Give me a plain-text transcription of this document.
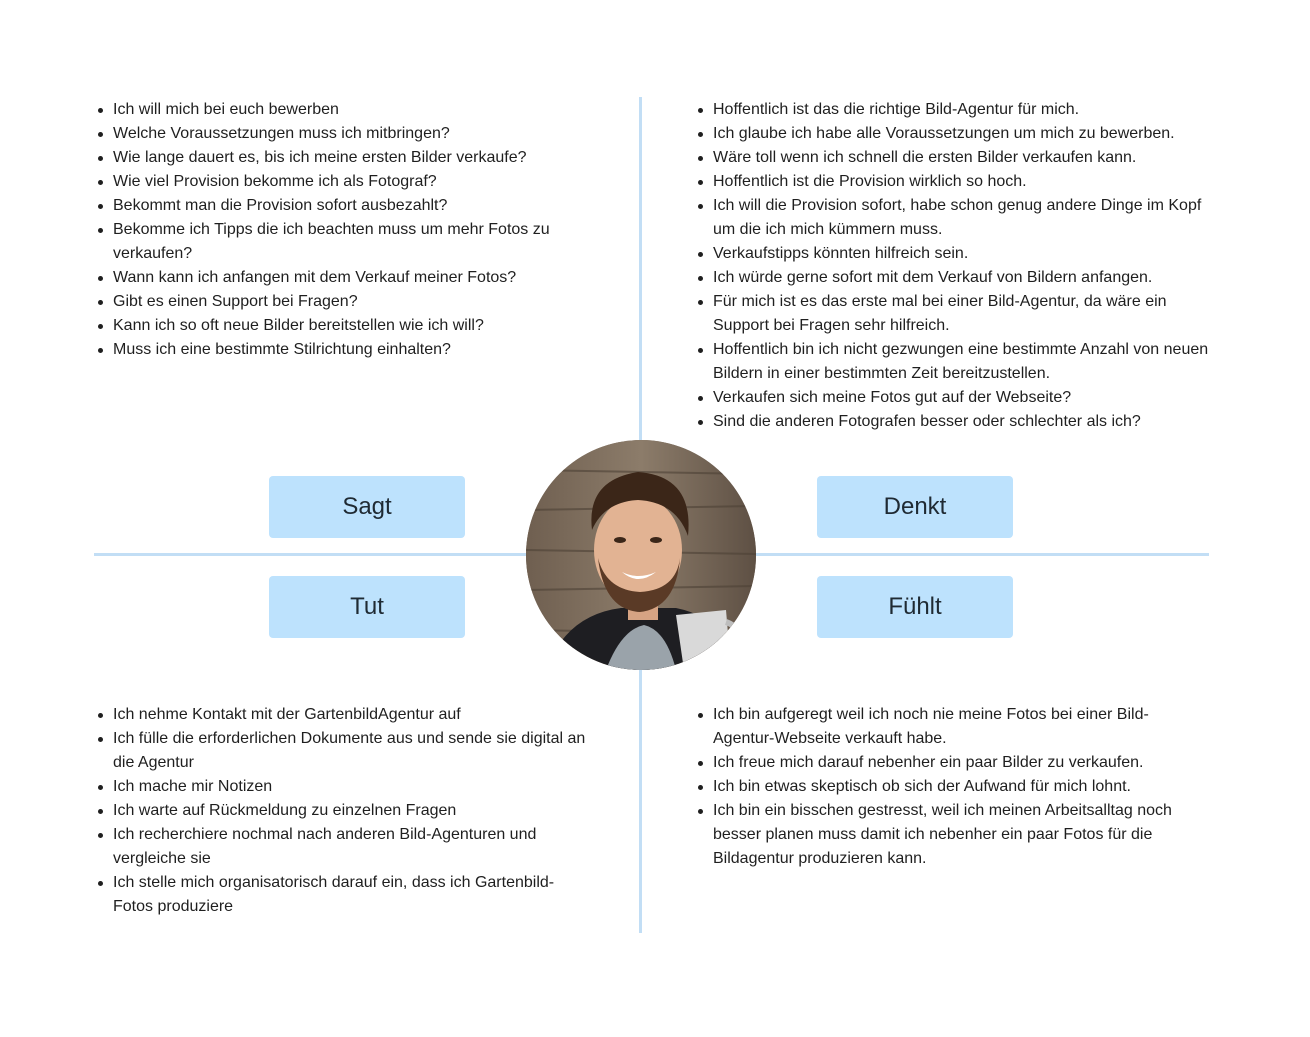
Ich will mich bei euch bewerben
Welche Voraussetzungen muss ich mitbringen?
Wie lange dauert es, bis ich meine ersten Bilder verkaufe?
Wie viel Provision bekomme ich als Fotograf?
Bekommt man die Provision sofort ausbezahlt?
Bekomme ich Tipps die ich beachten muss um mehr Fotos zu verkaufen?
Wann kann ich anfangen mit dem Verkauf meiner Fotos?
Gibt es einen Support bei Fragen?
Kann ich so oft neue Bilder bereitstellen wie ich will?
Muss ich eine bestimmte Stilrichtung einhalten?
Hoffentlich ist das die richtige Bild-Agentur für mich.
Ich glaube ich habe alle Voraussetzungen um mich zu bewerben.
Wäre toll wenn ich schnell die ersten Bilder verkaufen kann.
Hoffentlich ist die Provision wirklich so hoch.
Ich will die Provision sofort, habe schon genug andere Dinge im Kopf um die ich mich kümmern muss.
Verkaufstipps könnten hilfreich sein.
Ich würde gerne sofort mit dem Verkauf von Bildern anfangen.
Für mich ist es das erste mal bei einer Bild-Agentur, da wäre ein Support bei Fragen sehr hilfreich.
Hoffentlich bin ich nicht gezwungen eine bestimmte Anzahl von neuen Bildern in einer bestimmten Zeit bereitzustellen.
Verkaufen sich meine Fotos gut auf der Webseite?
Sind die anderen Fotografen besser oder schlechter als ich?
Ich nehme Kontakt mit der GartenbildAgentur auf
Ich fülle die erforderlichen Dokumente aus und sende sie digital an die Agentur
Ich mache mir Notizen
Ich warte auf Rückmeldung zu einzelnen Fragen
Ich recherchiere nochmal nach anderen Bild-Agenturen und vergleiche sie
Ich stelle mich organisatorisch darauf ein, dass ich Gartenbild-Fotos produziere
Ich bin aufgeregt weil ich noch nie meine Fotos bei einer Bild-Agentur-Webseite verkauft habe.
Ich freue mich darauf nebenher ein paar Bilder zu verkaufen.
Ich bin etwas skeptisch ob sich der Aufwand für mich lohnt.
Ich bin ein bisschen gestresst, weil ich meinen Arbeitsalltag noch besser planen muss damit ich nebenher ein paar Fotos für die Bildagentur produzieren kann.
Sagt	Denkt
Tut	Fühlt
